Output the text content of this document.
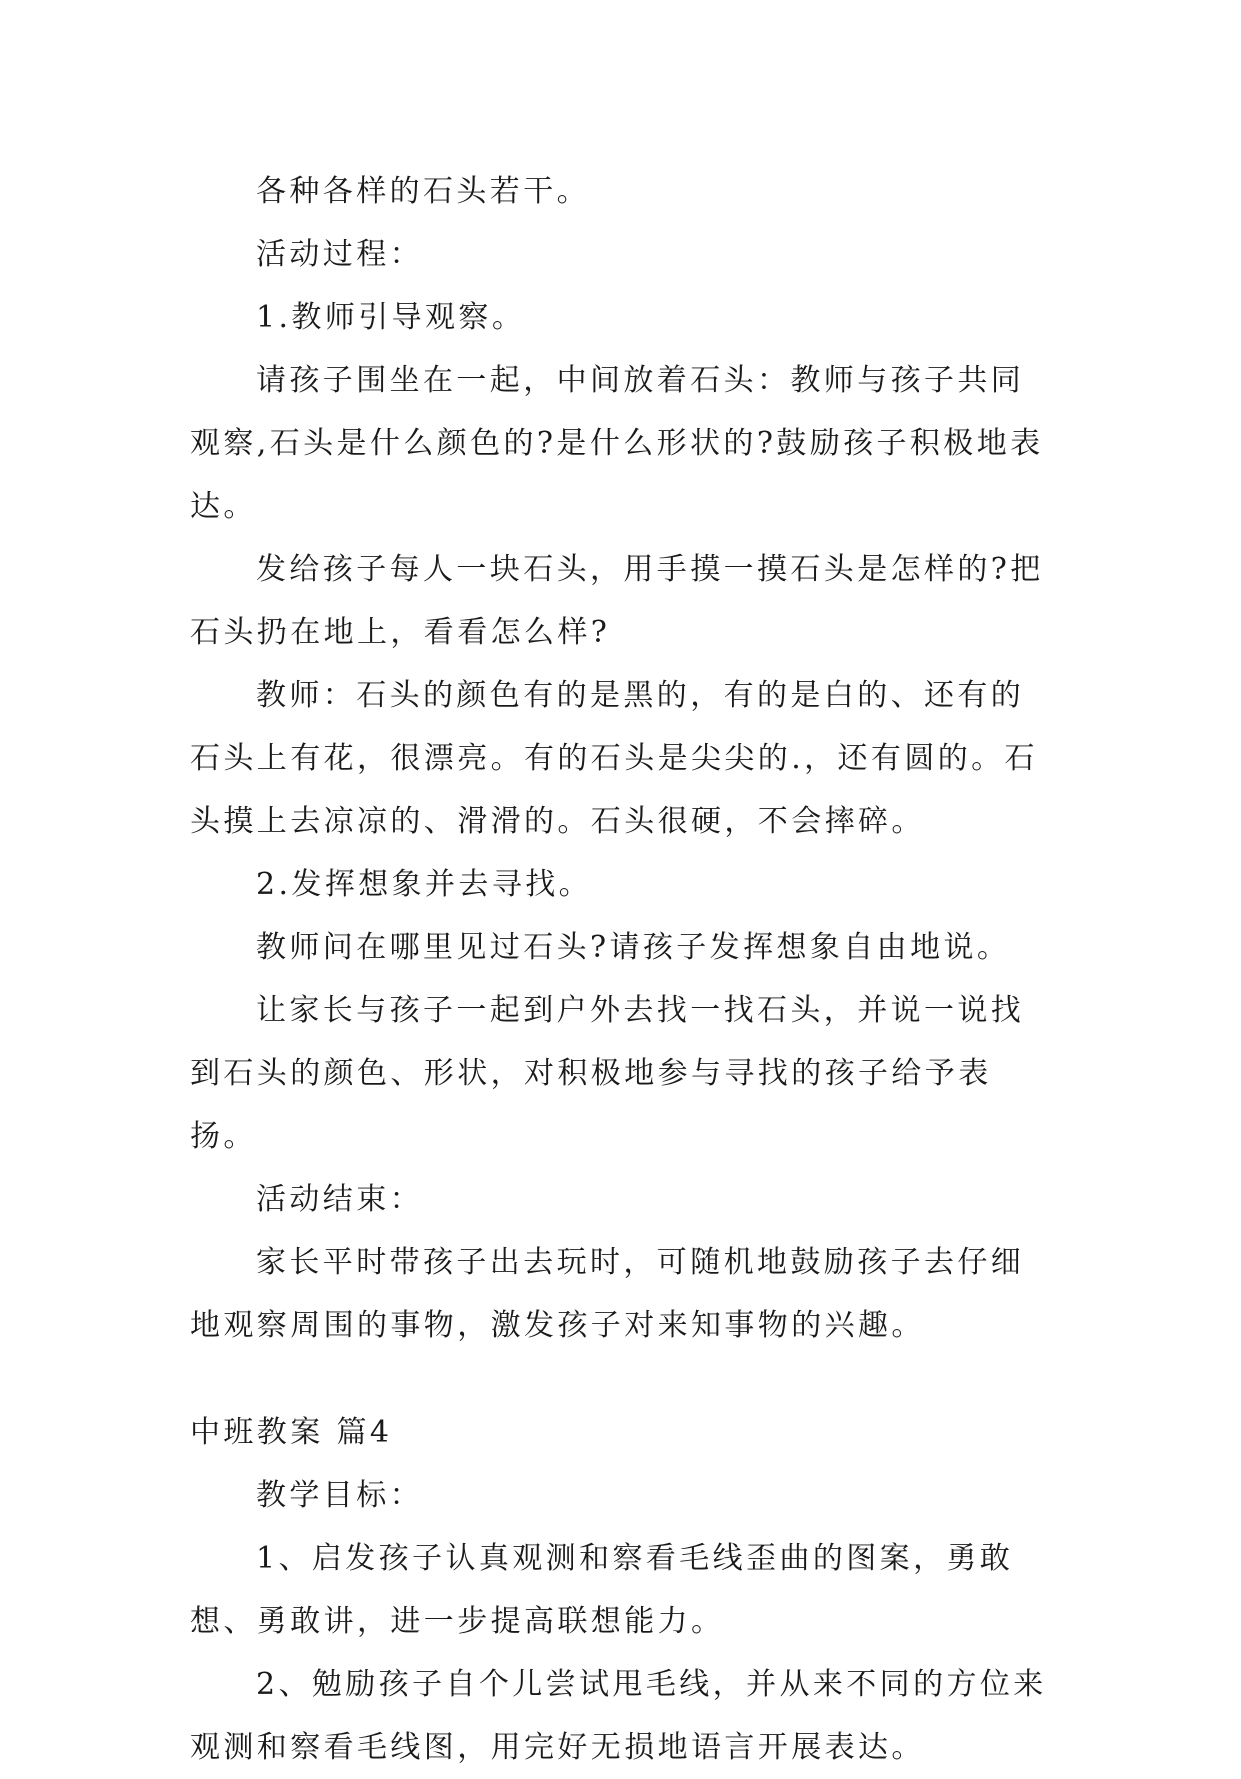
各种各样的石头若干。

活动过程：

1.教师引导观察。

请孩子围坐在一起，中间放着石头：教师与孩子共同观察,石头是什么颜色的?是什么形状的?鼓励孩子积极地表达。

发给孩子每人一块石头，用手摸一摸石头是怎样的?把石头扔在地上，看看怎么样?

教师：石头的颜色有的是黑的，有的是白的、还有的石头上有花，很漂亮。有的石头是尖尖的.，还有圆的。石头摸上去凉凉的、滑滑的。石头很硬，不会摔碎。

2.发挥想象并去寻找。

教师问在哪里见过石头?请孩子发挥想象自由地说。

让家长与孩子一起到户外去找一找石头，并说一说找到石头的颜色、形状，对积极地参与寻找的孩子给予表扬。

活动结束：

家长平时带孩子出去玩时，可随机地鼓励孩子去仔细地观察周围的事物，激发孩子对来知事物的兴趣。

中班教案 篇4

教学目标：

1、启发孩子认真观测和察看毛线歪曲的图案，勇敢想、勇敢讲，进一步提高联想能力。

2、勉励孩子自个儿尝试甩毛线，并从来不同的方位来观测和察看毛线图，用完好无损地语言开展表达。
